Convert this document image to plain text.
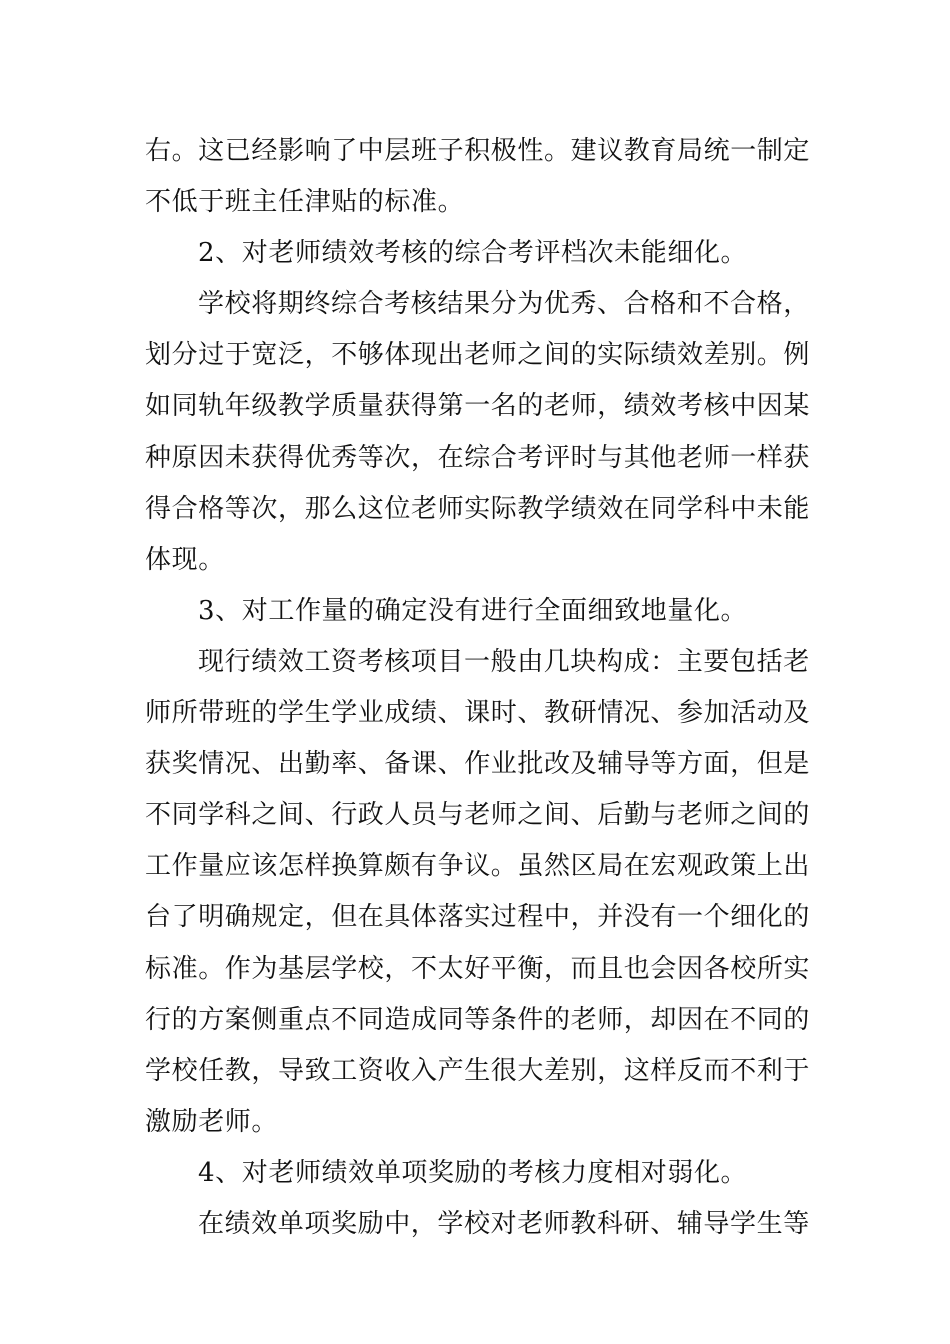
右。这已经影响了中层班子积极性。建议教育局统一制定
不低于班主任津贴的标准。
2、对老师绩效考核的综合考评档次未能细化。
学校将期终综合考核结果分为优秀、合格和不合格，
划分过于宽泛，不够体现出老师之间的实际绩效差别。例
如同轨年级教学质量获得第一名的老师，绩效考核中因某
种原因未获得优秀等次，在综合考评时与其他老师一样获
得合格等次，那么这位老师实际教学绩效在同学科中未能
体现。
3、对工作量的确定没有进行全面细致地量化。
现行绩效工资考核项目一般由几块构成：主要包括老
师所带班的学生学业成绩、课时、教研情况、参加活动及
获奖情况、出勤率、备课、作业批改及辅导等方面，但是
不同学科之间、行政人员与老师之间、后勤与老师之间的
工作量应该怎样换算颇有争议。虽然区局在宏观政策上出
台了明确规定，但在具体落实过程中，并没有一个细化的
标准。作为基层学校，不太好平衡，而且也会因各校所实
行的方案侧重点不同造成同等条件的老师，却因在不同的
学校任教，导致工资收入产生很大差别，这样反而不利于
激励老师。
4、对老师绩效单项奖励的考核力度相对弱化。
在绩效单项奖励中，学校对老师教科研、辅导学生等
